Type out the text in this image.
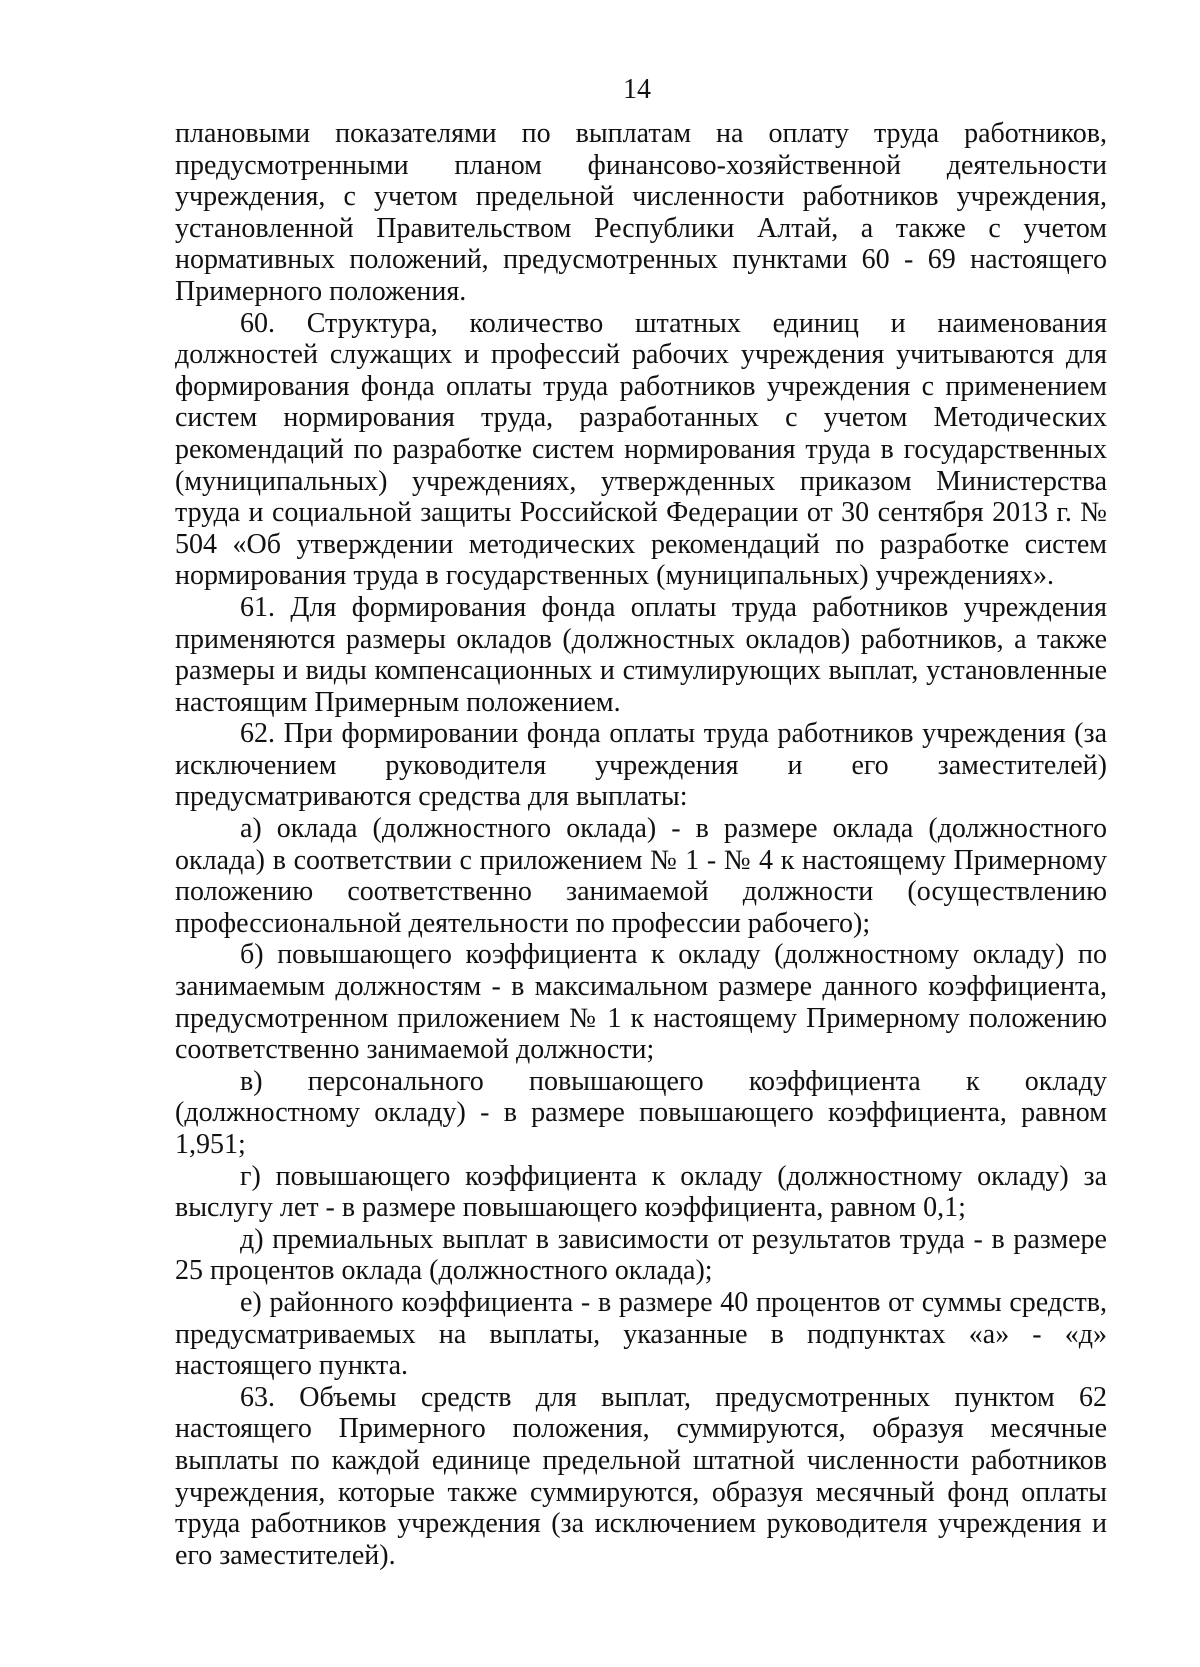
14

плановыми показателями по выплатам на оплату труда работников, предусмотренными планом финансово-хозяйственной деятельности учреждения, с учетом предельной численности работников учреждения, установленной Правительством Республики Алтай, а также с учетом нормативных положений, предусмотренных пунктами 60 - 69 настоящего Примерного положения.

60. Структура, количество штатных единиц и наименования должностей служащих и профессий рабочих учреждения учитываются для формирования фонда оплаты труда работников учреждения с применением систем нормирования труда, разработанных с учетом Методических рекомендаций по разработке систем нормирования труда в государственных (муниципальных) учреждениях, утвержденных приказом Министерства труда и социальной защиты Российской Федерации от 30 сентября 2013 г. № 504 «Об утверждении методических рекомендаций по разработке систем нормирования труда в государственных (муниципальных) учреждениях».

61. Для формирования фонда оплаты труда работников учреждения применяются размеры окладов (должностных окладов) работников, а также размеры и виды компенсационных и стимулирующих выплат, установленные настоящим Примерным положением.

62. При формировании фонда оплаты труда работников учреждения (за исключением руководителя учреждения и его заместителей) предусматриваются средства для выплаты:

а) оклада (должностного оклада) - в размере оклада (должностного оклада) в соответствии с приложением № 1 - № 4 к настоящему Примерному положению соответственно занимаемой должности (осуществлению профессиональной деятельности по профессии рабочего);

б) повышающего коэффициента к окладу (должностному окладу) по занимаемым должностям - в максимальном размере данного коэффициента, предусмотренном приложением № 1 к настоящему Примерному положению соответственно занимаемой должности;

в) персонального повышающего коэффициента к окладу (должностному окладу) - в размере повышающего коэффициента, равном 1,951;

г) повышающего коэффициента к окладу (должностному окладу) за выслугу лет - в размере повышающего коэффициента, равном 0,1;

д) премиальных выплат в зависимости от результатов труда - в размере 25 процентов оклада (должностного оклада);

е) районного коэффициента - в размере 40 процентов от суммы средств, предусматриваемых на выплаты, указанные в подпунктах «а» - «д» настоящего пункта.

63. Объемы средств для выплат, предусмотренных пунктом 62 настоящего Примерного положения, суммируются, образуя месячные выплаты по каждой единице предельной штатной численности работников учреждения, которые также суммируются, образуя месячный фонд оплаты труда работников учреждения (за исключением руководителя учреждения и его заместителей).
